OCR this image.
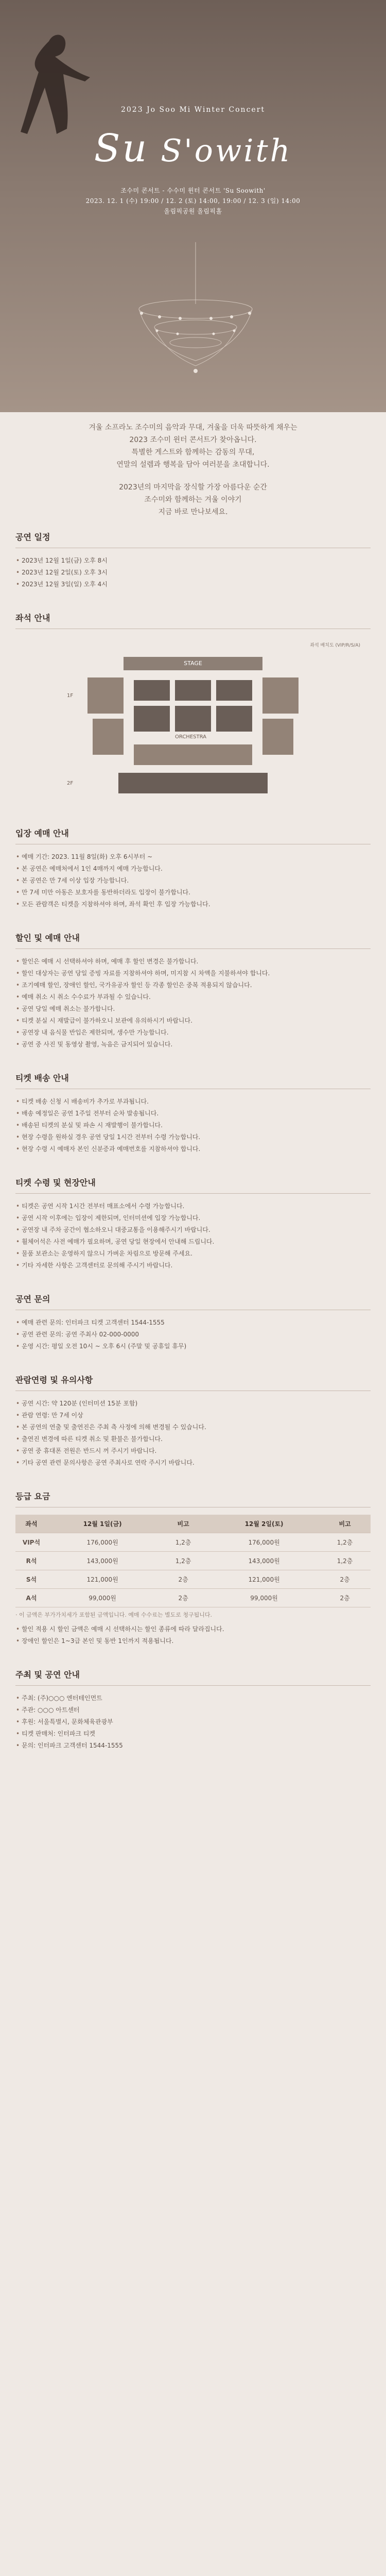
2023 Jo Soo Mi Winter Concert
Su S'owith
조수미 콘서트 - 수수미 윈터 콘서트 'Su Soowith'
2023. 12. 1 (수) 19:00 / 12. 2 (토) 14:00, 19:00 / 12. 3 (일) 14:00
올림픽공원 올림픽홀

겨울 소프라노 조수미의 음악과 무대, 겨울을 더욱 따뜻하게 채우는
2023 조수미 윈터 콘서트가 찾아옵니다.
특별한 게스트와 함께하는 감동의 무대,
연말의 설렘과 행복을 담아 여러분을 초대합니다.

2023년의 마지막을 장식할 가장 아름다운 순간
조수미와 함께하는 겨울 이야기
지금 바로 만나보세요.

공연 일정
• 2023년 12월 1일(금) 오후 8시
• 2023년 12월 2일(토) 오후 3시
• 2023년 12월 3일(일) 오후 4시
좌석 안내
좌석 배치도 (VIP/R/S/A)
STAGE
ORCHESTRA
1F
2F
입장 예매 안내
• 예매 기간: 2023. 11월 8일(화) 오후 6시부터 ~
• 본 공연은 예매처에서 1인 4매까지 예매 가능합니다.
• 본 공연은 만 7세 이상 입장 가능합니다.
• 만 7세 미만 아동은 보호자를 동반하더라도 입장이 불가합니다.
• 모든 관람객은 티켓을 지참하셔야 하며, 좌석 확인 후 입장 가능합니다.
할인 및 예매 안내
• 할인은 예매 시 선택하셔야 하며, 예매 후 할인 변경은 불가합니다.
• 할인 대상자는 공연 당일 증빙 자료를 지참하셔야 하며, 미지참 시 차액을 지불하셔야 합니다.
• 조기예매 할인, 장애인 할인, 국가유공자 할인 등 각종 할인은 중복 적용되지 않습니다.
• 예매 취소 시 취소 수수료가 부과될 수 있습니다.
• 공연 당일 예매 취소는 불가합니다.
• 티켓 분실 시 재발급이 불가하오니 보관에 유의하시기 바랍니다.
• 공연장 내 음식물 반입은 제한되며, 생수만 가능합니다.
• 공연 중 사진 및 동영상 촬영, 녹음은 금지되어 있습니다.
티켓 배송 안내
• 티켓 배송 신청 시 배송비가 추가로 부과됩니다.
• 배송 예정일은 공연 1주일 전부터 순차 발송됩니다.
• 배송된 티켓의 분실 및 파손 시 재발행이 불가합니다.
• 현장 수령을 원하실 경우 공연 당일 1시간 전부터 수령 가능합니다.
• 현장 수령 시 예매자 본인 신분증과 예매번호를 지참하셔야 합니다.
티켓 수령 및 현장안내
• 티켓은 공연 시작 1시간 전부터 매표소에서 수령 가능합니다.
• 공연 시작 이후에는 입장이 제한되며, 인터미션에 입장 가능합니다.
• 공연장 내 주차 공간이 협소하오니 대중교통을 이용해주시기 바랍니다.
• 휠체어석은 사전 예매가 필요하며, 공연 당일 현장에서 안내해 드립니다.
• 물품 보관소는 운영하지 않으니 가벼운 차림으로 방문해 주세요.
• 기타 자세한 사항은 고객센터로 문의해 주시기 바랍니다.
공연 문의
• 예매 관련 문의: 인터파크 티켓 고객센터 1544-1555
• 공연 관련 문의: 공연 주최사 02-000-0000
• 운영 시간: 평일 오전 10시 ~ 오후 6시 (주말 및 공휴일 휴무)
관람연령 및 유의사항
• 공연 시간: 약 120분 (인터미션 15분 포함)
• 관람 연령: 만 7세 이상
• 본 공연의 연출 및 출연진은 주최 측 사정에 의해 변경될 수 있습니다.
• 출연진 변경에 따른 티켓 취소 및 환불은 불가합니다.
• 공연 중 휴대폰 전원은 반드시 꺼 주시기 바랍니다.
• 기타 공연 관련 문의사항은 공연 주최사로 연락 주시기 바랍니다.
등급 요금
좌석	12월 1일(금)	비고	12월 2일(토)	비고
VIP석	176,000원	1,2층	176,000원	1,2층
R석	143,000원	1,2층	143,000원	1,2층
S석	121,000원	2층	121,000원	2층
A석	99,000원	2층	99,000원	2층

· 이 금액은 부가가치세가 포함된 금액입니다. 예매 수수료는 별도로 청구됩니다.

• 할인 적용 시 할인 금액은 예매 시 선택하시는 할인 종류에 따라 달라집니다.
• 장애인 할인은 1~3급 본인 및 동반 1인까지 적용됩니다.
주최 및 공연 안내
• 주최: (주)○○○ 엔터테인먼트
• 주관: ○○○ 아트센터
• 후원: 서울특별시, 문화체육관광부
• 티켓 판매처: 인터파크 티켓
• 문의: 인터파크 고객센터 1544-1555
